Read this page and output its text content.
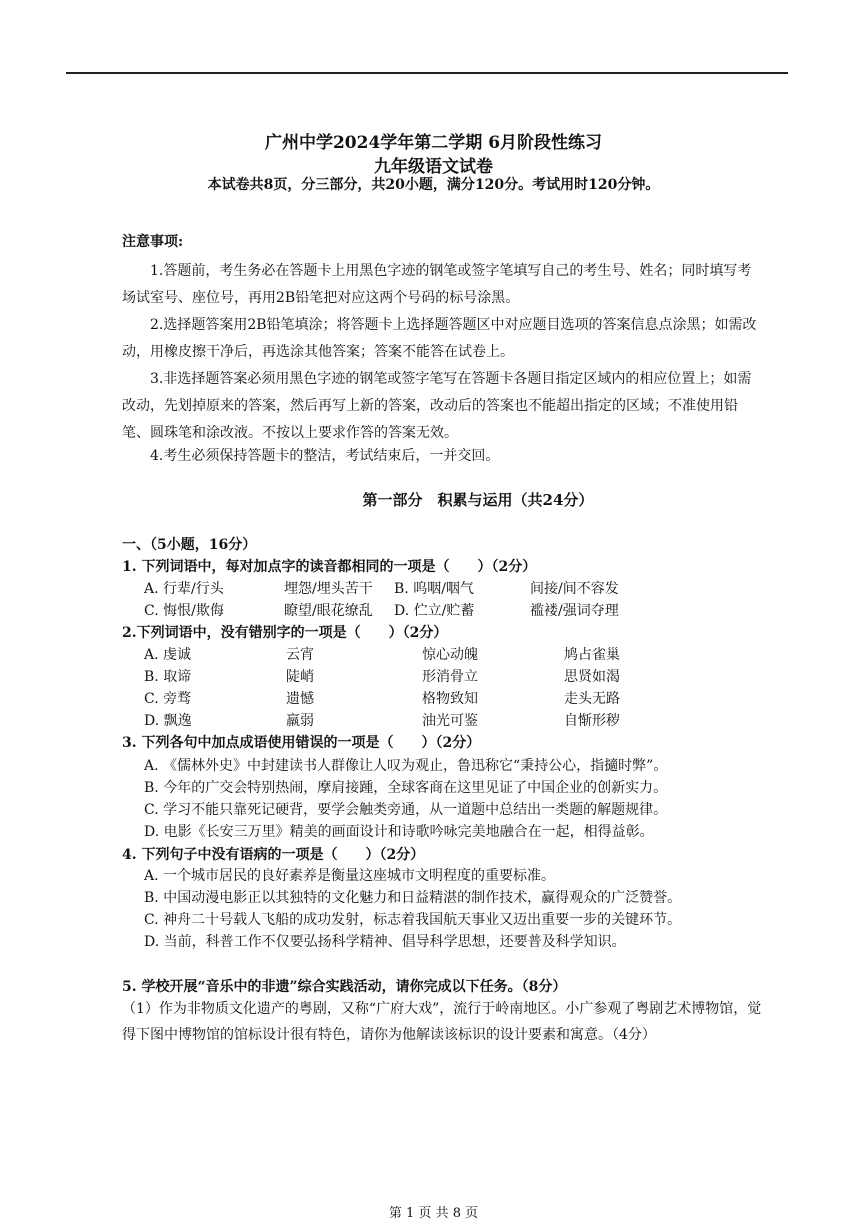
广州中学2024学年第二学期 6月阶段性练习
九年级语文试卷
本试卷共8页，分三部分，共20小题，满分120分。考试用时120分钟。
注意事项:
1.答题前，考生务必在答题卡上用黑色字迹的钢笔或签字笔填写自己的考生号、姓名；同时填写考场试室号、座位号，再用2B铅笔把对应这两个号码的标号涂黑。
2.选择题答案用2B铅笔填涂；将答题卡上选择题答题区中对应题目选项的答案信息点涂黑；如需改动，用橡皮擦干净后，再选涂其他答案；答案不能答在试卷上。
3.非选择题答案必须用黑色字迹的钢笔或签字笔写在答题卡各题目指定区域内的相应位置上；如需改动，先划掉原来的答案，然后再写上新的答案，改动后的答案也不能超出指定的区域；不准使用铅笔、圆珠笔和涂改液。不按以上要求作答的答案无效。
4.考生必须保持答题卡的整洁，考试结束后，一并交回。
第一部分　积累与运用（共24分）
一、（5小题，16分）
1. 下列词语中，每对加点字的读音都相同的一项是（　　）（2分）
A. 行辈/行头	埋怨/埋头苦干 B. 呜咽/咽气	间接/间不容发
C. 悔恨/欺侮	瞭望/眼花缭乱 D. 伫立/贮蓄	褴褛/强词夺理
2.下列词语中，没有错别字的一项是（　　）（2分）
A. 虔诚	云宵	惊心动魄	鸠占雀巢
B. 取谛	陡峭	形消骨立	思贤如渴
C. 旁骛	遗憾	格物致知	走头无路
D. 飘逸	羸弱	油光可鉴	自惭形秽
3. 下列各句中加点成语使用错误的一项是（　　）（2分）
A. 《儒林外史》中封建读书人群像让人叹为观止，鲁迅称它“秉持公心，指擿时弊”。
B. 今年的广交会特别热闹，摩肩接踵，全球客商在这里见证了中国企业的创新实力。
C. 学习不能只靠死记硬背，要学会触类旁通，从一道题中总结出一类题的解题规律。
D. 电影《长安三万里》精美的画面设计和诗歌吟咏完美地融合在一起，相得益彰。
4. 下列句子中没有语病的一项是（　　）（2分）
A. 一个城市居民的良好素养是衡量这座城市文明程度的重要标准。
B. 中国动漫电影正以其独特的文化魅力和日益精湛的制作技术，赢得观众的广泛赞誉。
C. 神舟二十号载人飞船的成功发射，标志着我国航天事业又迈出重要一步的关键环节。
D. 当前，科普工作不仅要弘扬科学精神、倡导科学思想，还要普及科学知识。
5. 学校开展“音乐中的非遗”综合实践活动，请你完成以下任务。（8分）
（1）作为非物质文化遗产的粤剧，又称“广府大戏”，流行于岭南地区。小广参观了粤剧艺术博物馆，觉得下图中博物馆的馆标设计很有特色，请你为他解读该标识的设计要素和寓意。（4分）
第 1 页 共 8 页
